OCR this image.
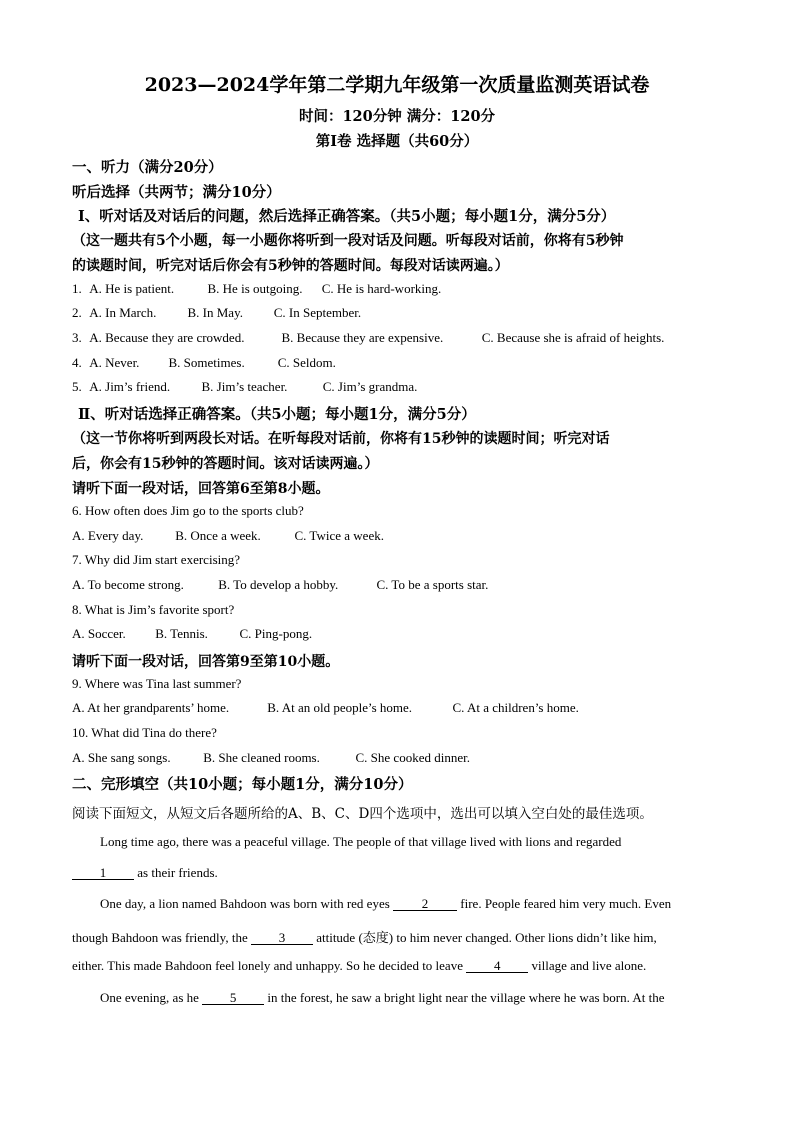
2023—2024学年第二学期九年级第一次质量监测英语试卷
时间：120分钟 满分：120分
第I卷 选择题（共60分）
一、听力（满分20分）
听后选择（共两节；满分10分）
Ⅰ、听对话及对话后的问题，然后选择正确答案。（共5小题；每小题1分，满分5分）
（这一题共有5个小题，每一小题你将听到一段对话及问题。听每段对话前，你将有5秒钟
的读题时间，听完对话后你会有5秒钟的答题时间。每段对话读两遍。）
1. A. He is patient.	B. He is outgoing. C. He is hard-working.
2. A. In March. B. In May. C. In September.
3. A. Because they are crowded.	B. Because they are expensive.	C. Because she is afraid of heights.
4. A. Never. B. Sometimes.	C. Seldom.
5. A. Jim’s friend. B. Jim’s teacher.	C. Jim’s grandma.
Ⅱ、听对话选择正确答案。（共5小题；每小题1分，满分5分）
（这一节你将听到两段长对话。在听每段对话前，你将有15秒钟的读题时间；听完对话
后，你会有15秒钟的答题时间。该对话读两遍。）
请听下面一段对话，回答第6至第8小题。
6. How often does Jim go to the sports club?
A. Every day. B. Once a week.	C. Twice a week.
7. Why did Jim start exercising?
A. To become strong.	B. To develop a hobby.	C. To be a sports star.
8. What is Jim’s favorite sport?
A. Soccer. B. Tennis. C. Ping-pong.
请听下面一段对话，回答第9至第10小题。
9. Where was Tina last summer?
A. At her grandparents’ home.	B. At an old people’s home.	C. At a children’s home.
10. What did Tina do there?
A. She sang songs.	B. She cleaned rooms.	C. She cooked dinner.
二、完形填空（共10小题；每小题1分，满分10分）
阅读下面短文，从短文后各题所给的A、B、C、D四个选项中，选出可以填入空白处的最佳选项。
Long time ago, there was a peaceful village. The people of that village lived with lions and regarded
1 as their friends.
One day, a lion named Bahdoon was born with red eyes 2 fire. People feared him very much. Even
though Bahdoon was friendly, the 3 attitude (态度) to him never changed. Other lions didn’t like him,
either. This made Bahdoon feel lonely and unhappy. So he decided to leave 4 village and live alone.
One evening, as he 5 in the forest, he saw a bright light near the village where he was born. At the
